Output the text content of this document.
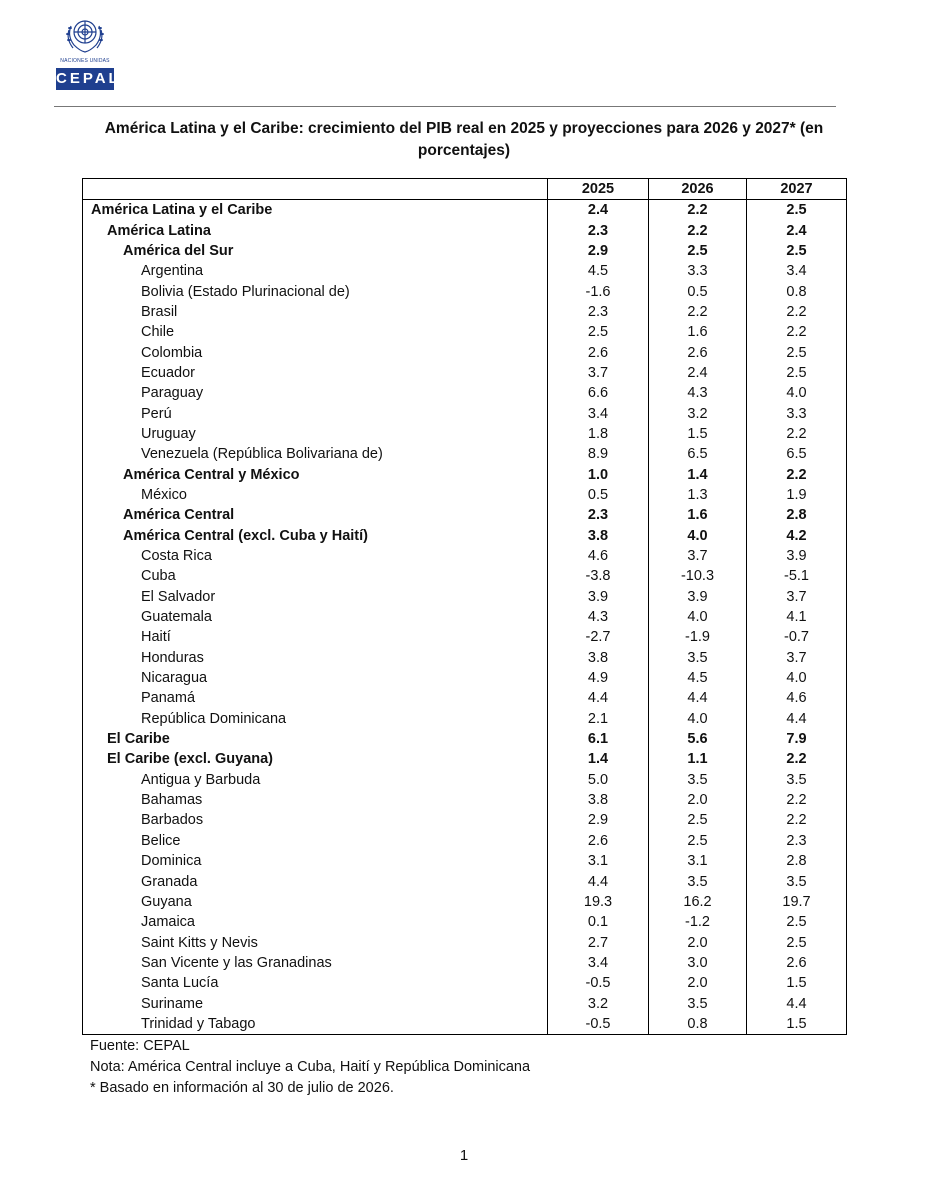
NACIONES UNIDAS
CEPAL
América Latina y el Caribe: crecimiento del PIB real en 2025 y proyecciones para 2026 y 2027* (en porcentajes)
	2025	2026	2027
América Latina y el Caribe	2.4	2.2	2.5
América Latina	2.3	2.2	2.4
América del Sur	2.9	2.5	2.5
Argentina	4.5	3.3	3.4
Bolivia (Estado Plurinacional de)	-1.6	0.5	0.8
Brasil	2.3	2.2	2.2
Chile	2.5	1.6	2.2
Colombia	2.6	2.6	2.5
Ecuador	3.7	2.4	2.5
Paraguay	6.6	4.3	4.0
Perú	3.4	3.2	3.3
Uruguay	1.8	1.5	2.2
Venezuela (República Bolivariana de)	8.9	6.5	6.5
América Central y México	1.0	1.4	2.2
México	0.5	1.3	1.9
América Central	2.3	1.6	2.8
América Central (excl. Cuba y Haití)	3.8	4.0	4.2
Costa Rica	4.6	3.7	3.9
Cuba	-3.8	-10.3	-5.1
El Salvador	3.9	3.9	3.7
Guatemala	4.3	4.0	4.1
Haití	-2.7	-1.9	-0.7
Honduras	3.8	3.5	3.7
Nicaragua	4.9	4.5	4.0
Panamá	4.4	4.4	4.6
República Dominicana	2.1	4.0	4.4
El Caribe	6.1	5.6	7.9
El Caribe (excl. Guyana)	1.4	1.1	2.2
Antigua y Barbuda	5.0	3.5	3.5
Bahamas	3.8	2.0	2.2
Barbados	2.9	2.5	2.2
Belice	2.6	2.5	2.3
Dominica	3.1	3.1	2.8
Granada	4.4	3.5	3.5
Guyana	19.3	16.2	19.7
Jamaica	0.1	-1.2	2.5
Saint Kitts y Nevis	2.7	2.0	2.5
San Vicente y las Granadinas	3.4	3.0	2.6
Santa Lucía	-0.5	2.0	1.5
Suriname	3.2	3.5	4.4
Trinidad y Tabago	-0.5	0.8	1.5
Fuente: CEPAL
Nota: América Central incluye a Cuba, Haití y República Dominicana
* Basado en información al 30 de julio de 2026.
1
